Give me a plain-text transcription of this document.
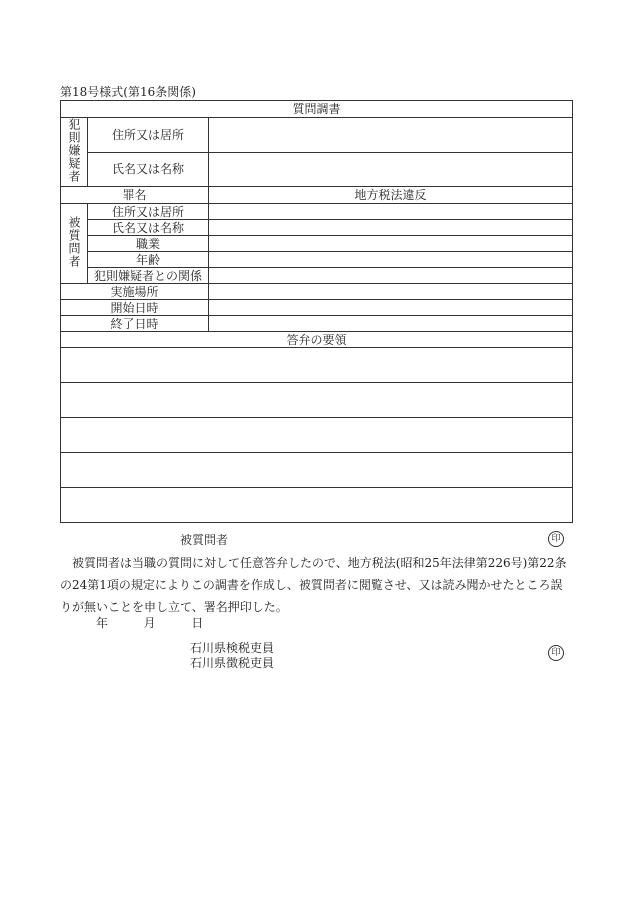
第18号様式(第16条関係)
質問調書		
犯則嫌疑者	住所又は居所	
	氏名又は名称	
罪名		地方税法違反
被質問者	住所又は居所	
	氏名又は名称	
	職業	
	年齢	
	犯則嫌疑者との関係	
実施場所		
開始日時		
終了日時		
答弁の要領		

被質問者	印

被質問者は当職の質問に対して任意答弁したので、地方税法(昭和25年法律第226号)第22条の24第1項の規定によりこの調書を作成し、被質問者に閲覧させ、又は読み聞かせたところ誤りが無いことを申し立て、署名押印した。

年	月	日
石川県検税吏員
石川県徴税吏員
印
